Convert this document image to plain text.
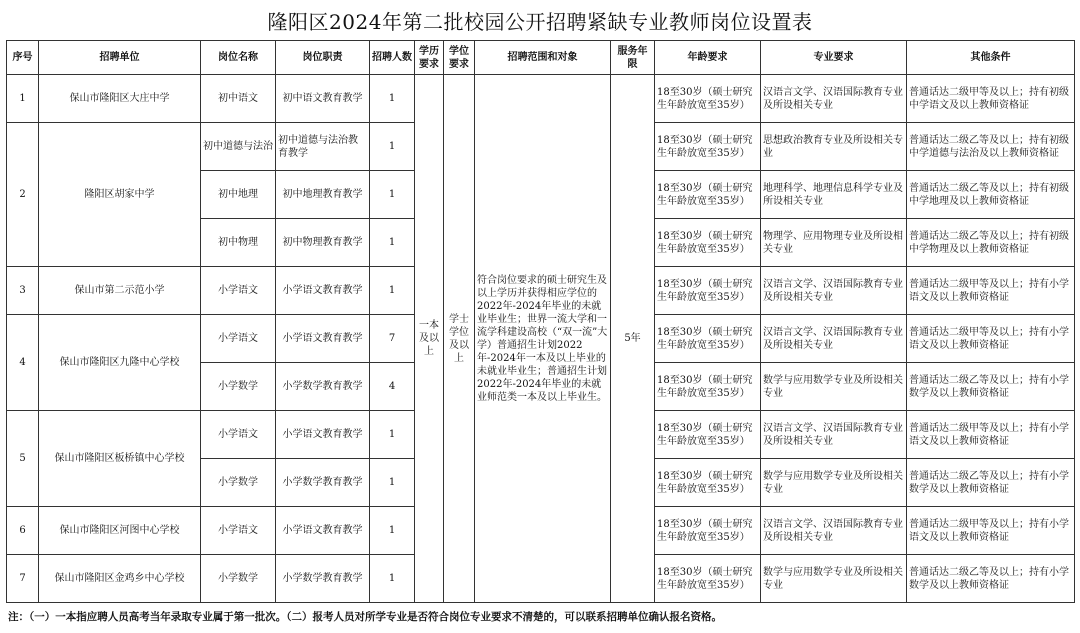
隆阳区2024年第二批校园公开招聘紧缺专业教师岗位设置表
序号	招聘单位	岗位名称	岗位职责	招聘人数	学历要求	学位要求	招聘范围和对象	服务年限	年龄要求	专业要求	其他条件
1	保山市隆阳区大庄中学	初中语文	初中语文教育教学	1	一本及以上	学士学位及以上	符合岗位要求的硕士研究生及以上学历并获得相应学位的2022年-2024年毕业的未就业毕业生；世界一流大学和一流学科建设高校（“双一流”大学）普通招生计划2022年-2024年一本及以上毕业的未就业毕业生；普通招生计划2022年-2024年毕业的未就业师范类一本及以上毕业生。	5年	18至30岁（硕士研究生年龄放宽至35岁）	汉语言文学、汉语国际教育专业及所设相关专业	普通话达二级甲等及以上；持有初级中学语文及以上教师资格证
2	隆阳区胡家中学	初中道德与法治	初中道德与法治教育教学	1					18至30岁（硕士研究生年龄放宽至35岁）	思想政治教育专业及所设相关专业	普通话达二级乙等及以上；持有初级中学道德与法治及以上教师资格证
		初中地理	初中地理教育教学	1					18至30岁（硕士研究生年龄放宽至35岁）	地理科学、地理信息科学专业及所设相关专业	普通话达二级乙等及以上；持有初级中学地理及以上教师资格证
		初中物理	初中物理教育教学	1					18至30岁（硕士研究生年龄放宽至35岁）	物理学、应用物理专业及所设相关专业	普通话达二级乙等及以上；持有初级中学物理及以上教师资格证
3	保山市第二示范小学	小学语文	小学语文教育教学	1					18至30岁（硕士研究生年龄放宽至35岁）	汉语言文学、汉语国际教育专业及所设相关专业	普通话达二级甲等及以上；持有小学语文及以上教师资格证
4	保山市隆阳区九隆中心学校	小学语文	小学语文教育教学	7					18至30岁（硕士研究生年龄放宽至35岁）	汉语言文学、汉语国际教育专业及所设相关专业	普通话达二级甲等及以上；持有小学语文及以上教师资格证
		小学数学	小学数学教育教学	4					18至30岁（硕士研究生年龄放宽至35岁）	数学与应用数学专业及所设相关专业	普通话达二级乙等及以上；持有小学数学及以上教师资格证
5	保山市隆阳区板桥镇中心学校	小学语文	小学语文教育教学	1					18至30岁（硕士研究生年龄放宽至35岁）	汉语言文学、汉语国际教育专业及所设相关专业	普通话达二级甲等及以上；持有小学语文及以上教师资格证
		小学数学	小学数学教育教学	1					18至30岁（硕士研究生年龄放宽至35岁）	数学与应用数学专业及所设相关专业	普通话达二级乙等及以上；持有小学数学及以上教师资格证
6	保山市隆阳区河图中心学校	小学语文	小学语文教育教学	1					18至30岁（硕士研究生年龄放宽至35岁）	汉语言文学、汉语国际教育专业及所设相关专业	普通话达二级甲等及以上；持有小学语文及以上教师资格证
7	保山市隆阳区金鸡乡中心学校	小学数学	小学数学教育教学	1					18至30岁（硕士研究生年龄放宽至35岁）	数学与应用数学专业及所设相关专业	普通话达二级乙等及以上；持有小学数学及以上教师资格证
注：（一）一本指应聘人员高考当年录取专业属于第一批次。（二）报考人员对所学专业是否符合岗位专业要求不清楚的，可以联系招聘单位确认报名资格。
